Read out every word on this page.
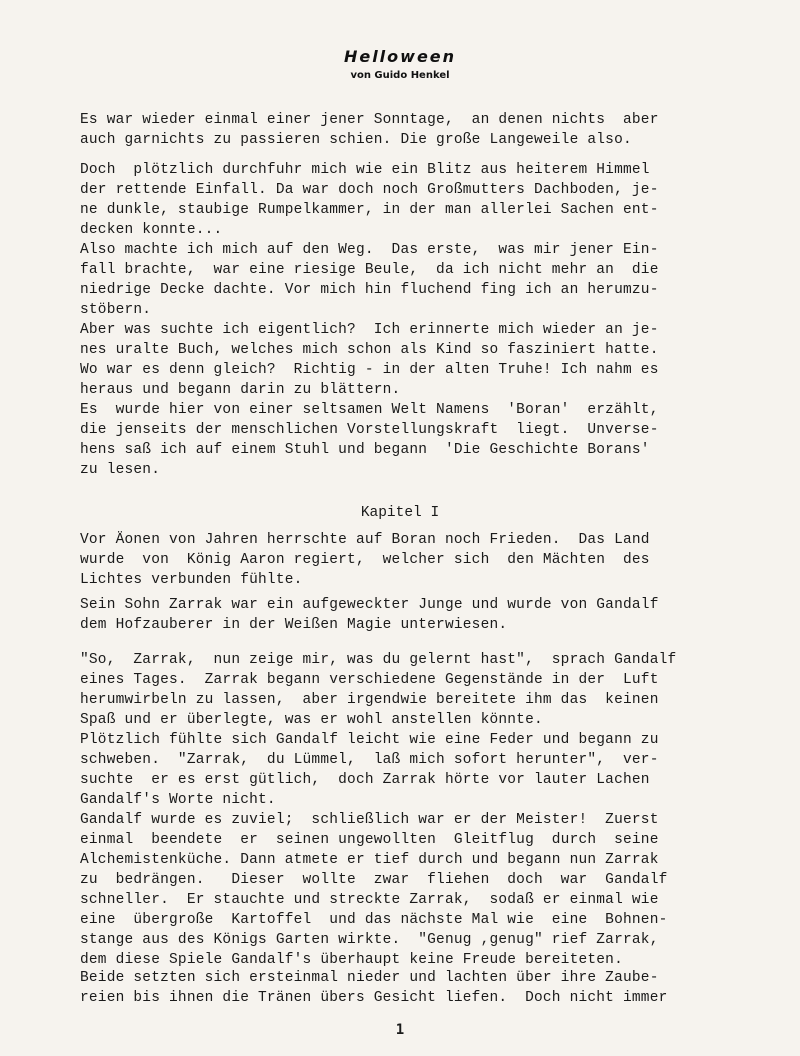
Helloween
von Guido Henkel
Es war wieder einmal einer jener Sonntage,  an denen nichts  aber
auch garnichts zu passieren schien. Die große Langeweile also.
Doch  plötzlich durchfuhr mich wie ein Blitz aus heiterem Himmel
der rettende Einfall. Da war doch noch Großmutters Dachboden, je-
ne dunkle, staubige Rumpelkammer, in der man allerlei Sachen ent-
decken konnte...
Also machte ich mich auf den Weg.  Das erste,  was mir jener Ein-
fall brachte,  war eine riesige Beule,  da ich nicht mehr an  die
niedrige Decke dachte. Vor mich hin fluchend fing ich an herumzu-
stöbern.
Aber was suchte ich eigentlich?  Ich erinnerte mich wieder an je-
nes uralte Buch, welches mich schon als Kind so fasziniert hatte.
Wo war es denn gleich?  Richtig - in der alten Truhe! Ich nahm es
heraus und begann darin zu blättern.
Es  wurde hier von einer seltsamen Welt Namens  'Boran'  erzählt,
die jenseits der menschlichen Vorstellungskraft  liegt.  Unverse-
hens saß ich auf einem Stuhl und begann  'Die Geschichte Borans'
zu lesen.
Kapitel I
Vor Äonen von Jahren herrschte auf Boran noch Frieden.  Das Land
wurde  von  König Aaron regiert,  welcher sich  den Mächten  des
Lichtes verbunden fühlte.
Sein Sohn Zarrak war ein aufgeweckter Junge und wurde von Gandalf
dem Hofzauberer in der Weißen Magie unterwiesen.
"So,  Zarrak,  nun zeige mir, was du gelernt hast",  sprach Gandalf
eines Tages.  Zarrak begann verschiedene Gegenstände in der  Luft
herumwirbeln zu lassen,  aber irgendwie bereitete ihm das  keinen
Spaß und er überlegte, was er wohl anstellen könnte.
Plötzlich fühlte sich Gandalf leicht wie eine Feder und begann zu
schweben.  "Zarrak,  du Lümmel,  laß mich sofort herunter",  ver-
suchte  er es erst gütlich,  doch Zarrak hörte vor lauter Lachen
Gandalf's Worte nicht.
Gandalf wurde es zuviel;  schließlich war er der Meister!  Zuerst
einmal  beendete  er  seinen ungewollten  Gleitflug  durch  seine
Alchemistenküche. Dann atmete er tief durch und begann nun Zarrak
zu  bedrängen.   Dieser  wollte  zwar  fliehen  doch  war  Gandalf
schneller.  Er stauchte und streckte Zarrak,  sodaß er einmal wie
eine  übergroße  Kartoffel  und das nächste Mal wie  eine  Bohnen-
stange aus des Königs Garten wirkte.  "Genug ,genug" rief Zarrak,
dem diese Spiele Gandalf's überhaupt keine Freude bereiteten.
Beide setzten sich ersteinmal nieder und lachten über ihre Zaube-
reien bis ihnen die Tränen übers Gesicht liefen.  Doch nicht immer
1
